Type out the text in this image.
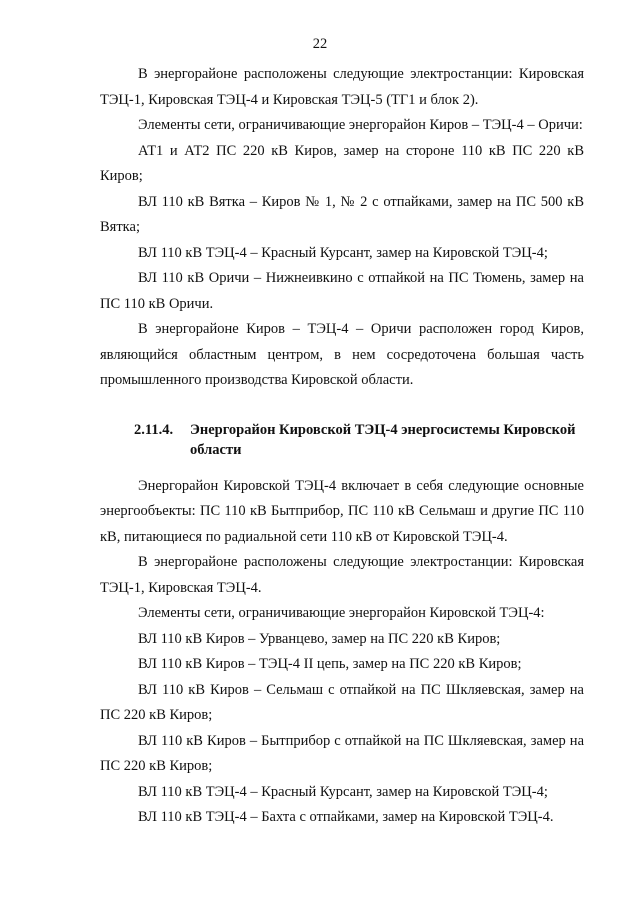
22

В энергорайоне расположены следующие электростанции: Кировская ТЭЦ-1, Кировская ТЭЦ-4 и Кировская ТЭЦ-5 (ТГ1 и блок 2).

Элементы сети, ограничивающие энергорайон Киров – ТЭЦ-4 – Оричи:

АТ1 и АТ2 ПС 220 кВ Киров, замер на стороне 110 кВ ПС 220 кВ Киров;

ВЛ 110 кВ Вятка – Киров № 1, № 2 с отпайками, замер на ПС 500 кВ Вятка;

ВЛ 110 кВ ТЭЦ-4 – Красный Курсант, замер на Кировской ТЭЦ-4;

ВЛ 110 кВ Оричи – Нижнеивкино с отпайкой на ПС Тюмень, замер на ПС 110 кВ Оричи.

В энергорайоне Киров – ТЭЦ-4 – Оричи расположен город Киров, являющийся областным центром, в нем сосредоточена большая часть промышленного производства Кировской области.

2.11.4.	Энергорайон Кировской ТЭЦ-4 энергосистемы Кировской области

Энергорайон Кировской ТЭЦ-4 включает в себя следующие основные энергообъекты: ПС 110 кВ Бытприбор, ПС 110 кВ Сельмаш и другие ПС 110 кВ, питающиеся по радиальной сети 110 кВ от Кировской ТЭЦ-4.

В энергорайоне расположены следующие электростанции: Кировская ТЭЦ-1, Кировская ТЭЦ-4.

Элементы сети, ограничивающие энергорайон Кировской ТЭЦ-4:

ВЛ 110 кВ Киров – Урванцево, замер на ПС 220 кВ Киров;

ВЛ 110 кВ Киров – ТЭЦ-4 II цепь, замер на ПС 220 кВ Киров;

ВЛ 110 кВ Киров – Сельмаш с отпайкой на ПС Шкляевская, замер на ПС 220 кВ Киров;

ВЛ 110 кВ Киров – Бытприбор с отпайкой на ПС Шкляевская, замер на ПС 220 кВ Киров;

ВЛ 110 кВ ТЭЦ-4 – Красный Курсант, замер на Кировской ТЭЦ-4;

ВЛ 110 кВ ТЭЦ-4 – Бахта с отпайками, замер на Кировской ТЭЦ-4.
